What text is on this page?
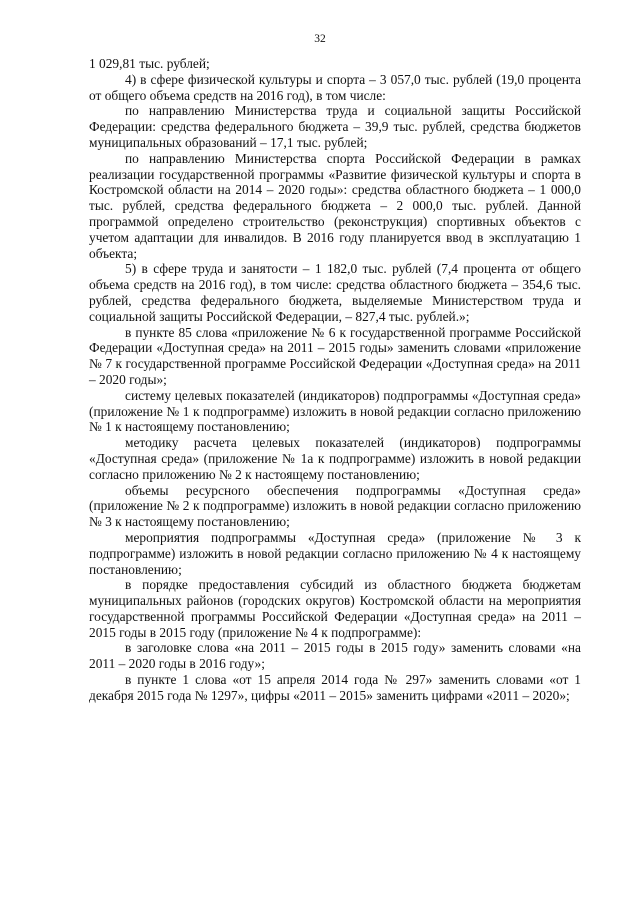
32

1 029,81 тыс. рублей;

4) в сфере физической культуры и спорта – 3 057,0 тыс. рублей (19,0 процента от общего объема средств на 2016 год), в том числе:

по направлению Министерства труда и социальной защиты Российской Федерации: средства федерального бюджета – 39,9 тыс. рублей, средства бюджетов муниципальных образований – 17,1 тыс. рублей;

по направлению Министерства спорта Российской Федерации в рамках реализации государственной программы «Развитие физической культуры и спорта в Костромской области на 2014 – 2020 годы»: средства областного бюджета – 1 000,0 тыс. рублей, средства федерального бюджета – 2 000,0 тыс. рублей. Данной программой определено строительство (реконструкция) спортивных объектов с учетом адаптации для инвалидов. В 2016 году планируется ввод в эксплуатацию 1 объекта;

5) в сфере труда и занятости – 1 182,0 тыс. рублей (7,4 процента от общего объема средств на 2016 год), в том числе: средства областного бюджета – 354,6 тыс. рублей, средства федерального бюджета, выделяемые Министерством труда и социальной защиты Российской Федерации, – 827,4 тыс. рублей.»;

в пункте 85 слова «приложение № 6 к государственной программе Российской Федерации «Доступная среда» на 2011 – 2015 годы» заменить словами «приложение № 7 к государственной программе Российской Федерации «Доступная среда» на 2011 – 2020 годы»;

систему целевых показателей (индикаторов) подпрограммы «Доступная среда» (приложение № 1 к подпрограмме) изложить в новой редакции согласно приложению № 1 к настоящему постановлению;

методику расчета целевых показателей (индикаторов) подпрограммы «Доступная среда» (приложение № 1а к подпрограмме) изложить в новой редакции согласно приложению № 2 к настоящему постановлению;

объемы ресурсного обеспечения подпрограммы «Доступная среда» (приложение № 2 к подпрограмме) изложить в новой редакции согласно приложению № 3 к настоящему постановлению;

мероприятия подпрограммы «Доступная среда» (приложение № 3 к подпрограмме) изложить в новой редакции согласно приложению № 4 к настоящему постановлению;

в порядке предоставления субсидий из областного бюджета бюджетам муниципальных районов (городских округов) Костромской области на мероприятия государственной программы Российской Федерации «Доступная среда» на 2011 – 2015 годы в 2015 году (приложение № 4 к подпрограмме):

в заголовке слова «на 2011 – 2015 годы в 2015 году» заменить словами «на 2011 – 2020 годы в 2016 году»;

в пункте 1 слова «от 15 апреля 2014 года № 297» заменить словами «от 1 декабря 2015 года № 1297», цифры «2011 – 2015» заменить цифрами «2011 – 2020»;
